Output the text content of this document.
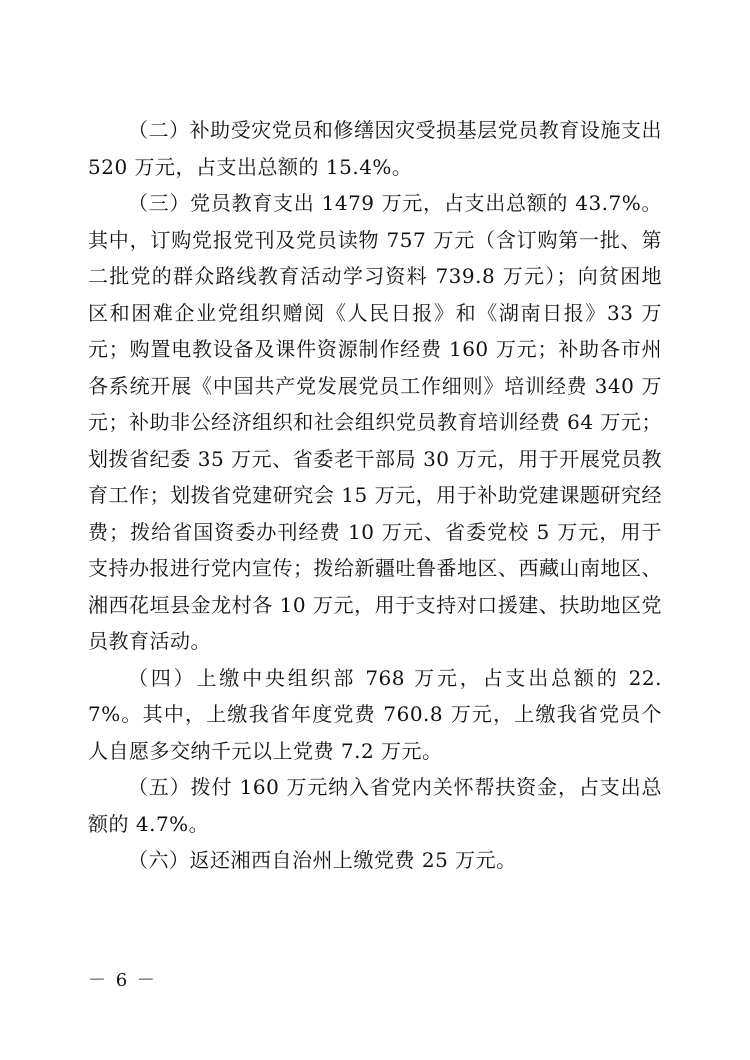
（二）补助受灾党员和修缮因灾受损基层党员教育设施支出 520 万元，占支出总额的 15.4%。

（三）党员教育支出 1479 万元，占支出总额的 43.7%。其中，订购党报党刊及党员读物 757 万元（含订购第一批、第二批党的群众路线教育活动学习资料 739.8 万元）；向贫困地区和困难企业党组织赠阅《人民日报》和《湖南日报》33 万元；购置电教设备及课件资源制作经费 160 万元；补助各市州各系统开展《中国共产党发展党员工作细则》培训经费 340 万元；补助非公经济组织和社会组织党员教育培训经费 64 万元；划拨省纪委 35 万元、省委老干部局 30 万元，用于开展党员教育工作；划拨省党建研究会 15 万元，用于补助党建课题研究经费；拨给省国资委办刊经费 10 万元、省委党校 5 万元，用于支持办报进行党内宣传；拨给新疆吐鲁番地区、西藏山南地区、湘西花垣县金龙村各 10 万元，用于支持对口援建、扶助地区党员教育活动。

（四）上缴中央组织部 768 万元，占支出总额的 22.7%。其中，上缴我省年度党费 760.8 万元，上缴我省党员个人自愿多交纳千元以上党费 7.2 万元。

（五）拨付 160 万元纳入省党内关怀帮扶资金，占支出总额的 4.7%。

（六）返还湘西自治州上缴党费 25 万元。

－ 6 －
